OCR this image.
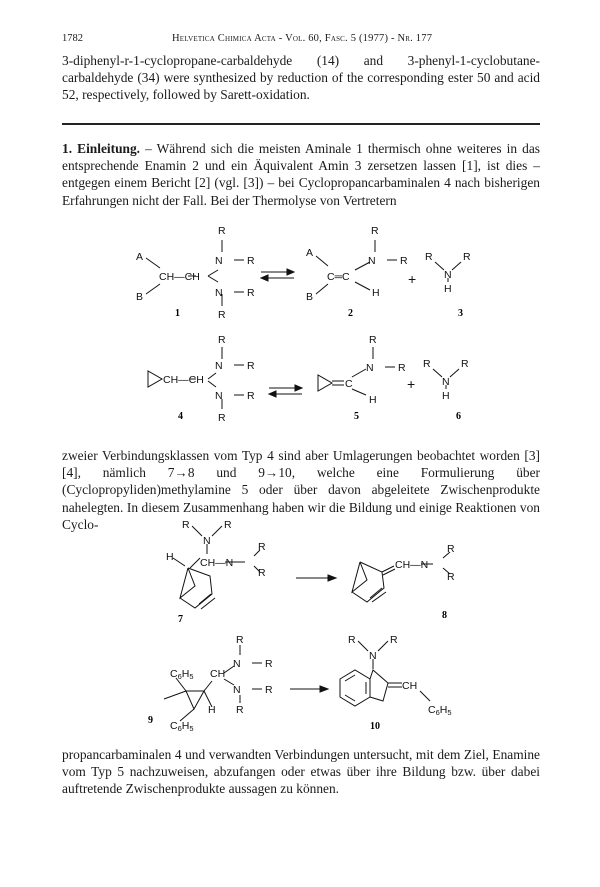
1782	Helvetica Chimica Acta - Vol. 60, Fasc. 5 (1977) - Nr. 177
3-diphenyl-r-1-cyclopropane-carbaldehyde (14) and 3-phenyl-1-cyclobutane-carbaldehyde (34) were synthesized by reduction of the corresponding ester 50 and acid 52, respectively, followed by Sarett-oxidation.
1. Einleitung. – Während sich die meisten Aminale 1 thermisch ohne weiteres in das entsprechende Enamin 2 und ein Äquivalent Amin 3 zersetzen lassen [1], ist dies – entgegen einem Bericht [2] (vgl. [3]) – bei Cyclopropancarbaminalen 4 nach bisherigen Erfahrungen nicht der Fall. Bei der Thermolyse von Vertretern
R
N R
A
B
CH—CH
N R
R
1
R
A
B
C═C
N R
H
2
+
R	R
N
H
3
R
N R
CH—CH
N R
R
4
R
C
N R
H
5
+
R	R
N
H
6
zweier Verbindungsklassen vom Typ 4 sind aber Umlagerungen beobachtet worden [3] [4], nämlich 7→8 und 9→10, welche eine Formulierung über (Cyclopropyliden)methylamine 5 oder über davon abgeleitete Zwischenprodukte nahelegten. In diesem Zusammenhang haben wir die Bildung und einige Reaktionen von Cyclo-	R	R
N
H	CH—N
R
R
7
CH—N
R
R
8
R
N R
CH
N R
R
H
C6H5
C6H5
9
R	R
N
CH
C6H5
10
propancarbaminalen 4 und verwandten Verbindungen untersucht, mit dem Ziel, Enamine vom Typ 5 nachzuweisen, abzufangen oder etwas über ihre Bildung bzw. über dabei auftretende Zwischenprodukte aussagen zu können.
